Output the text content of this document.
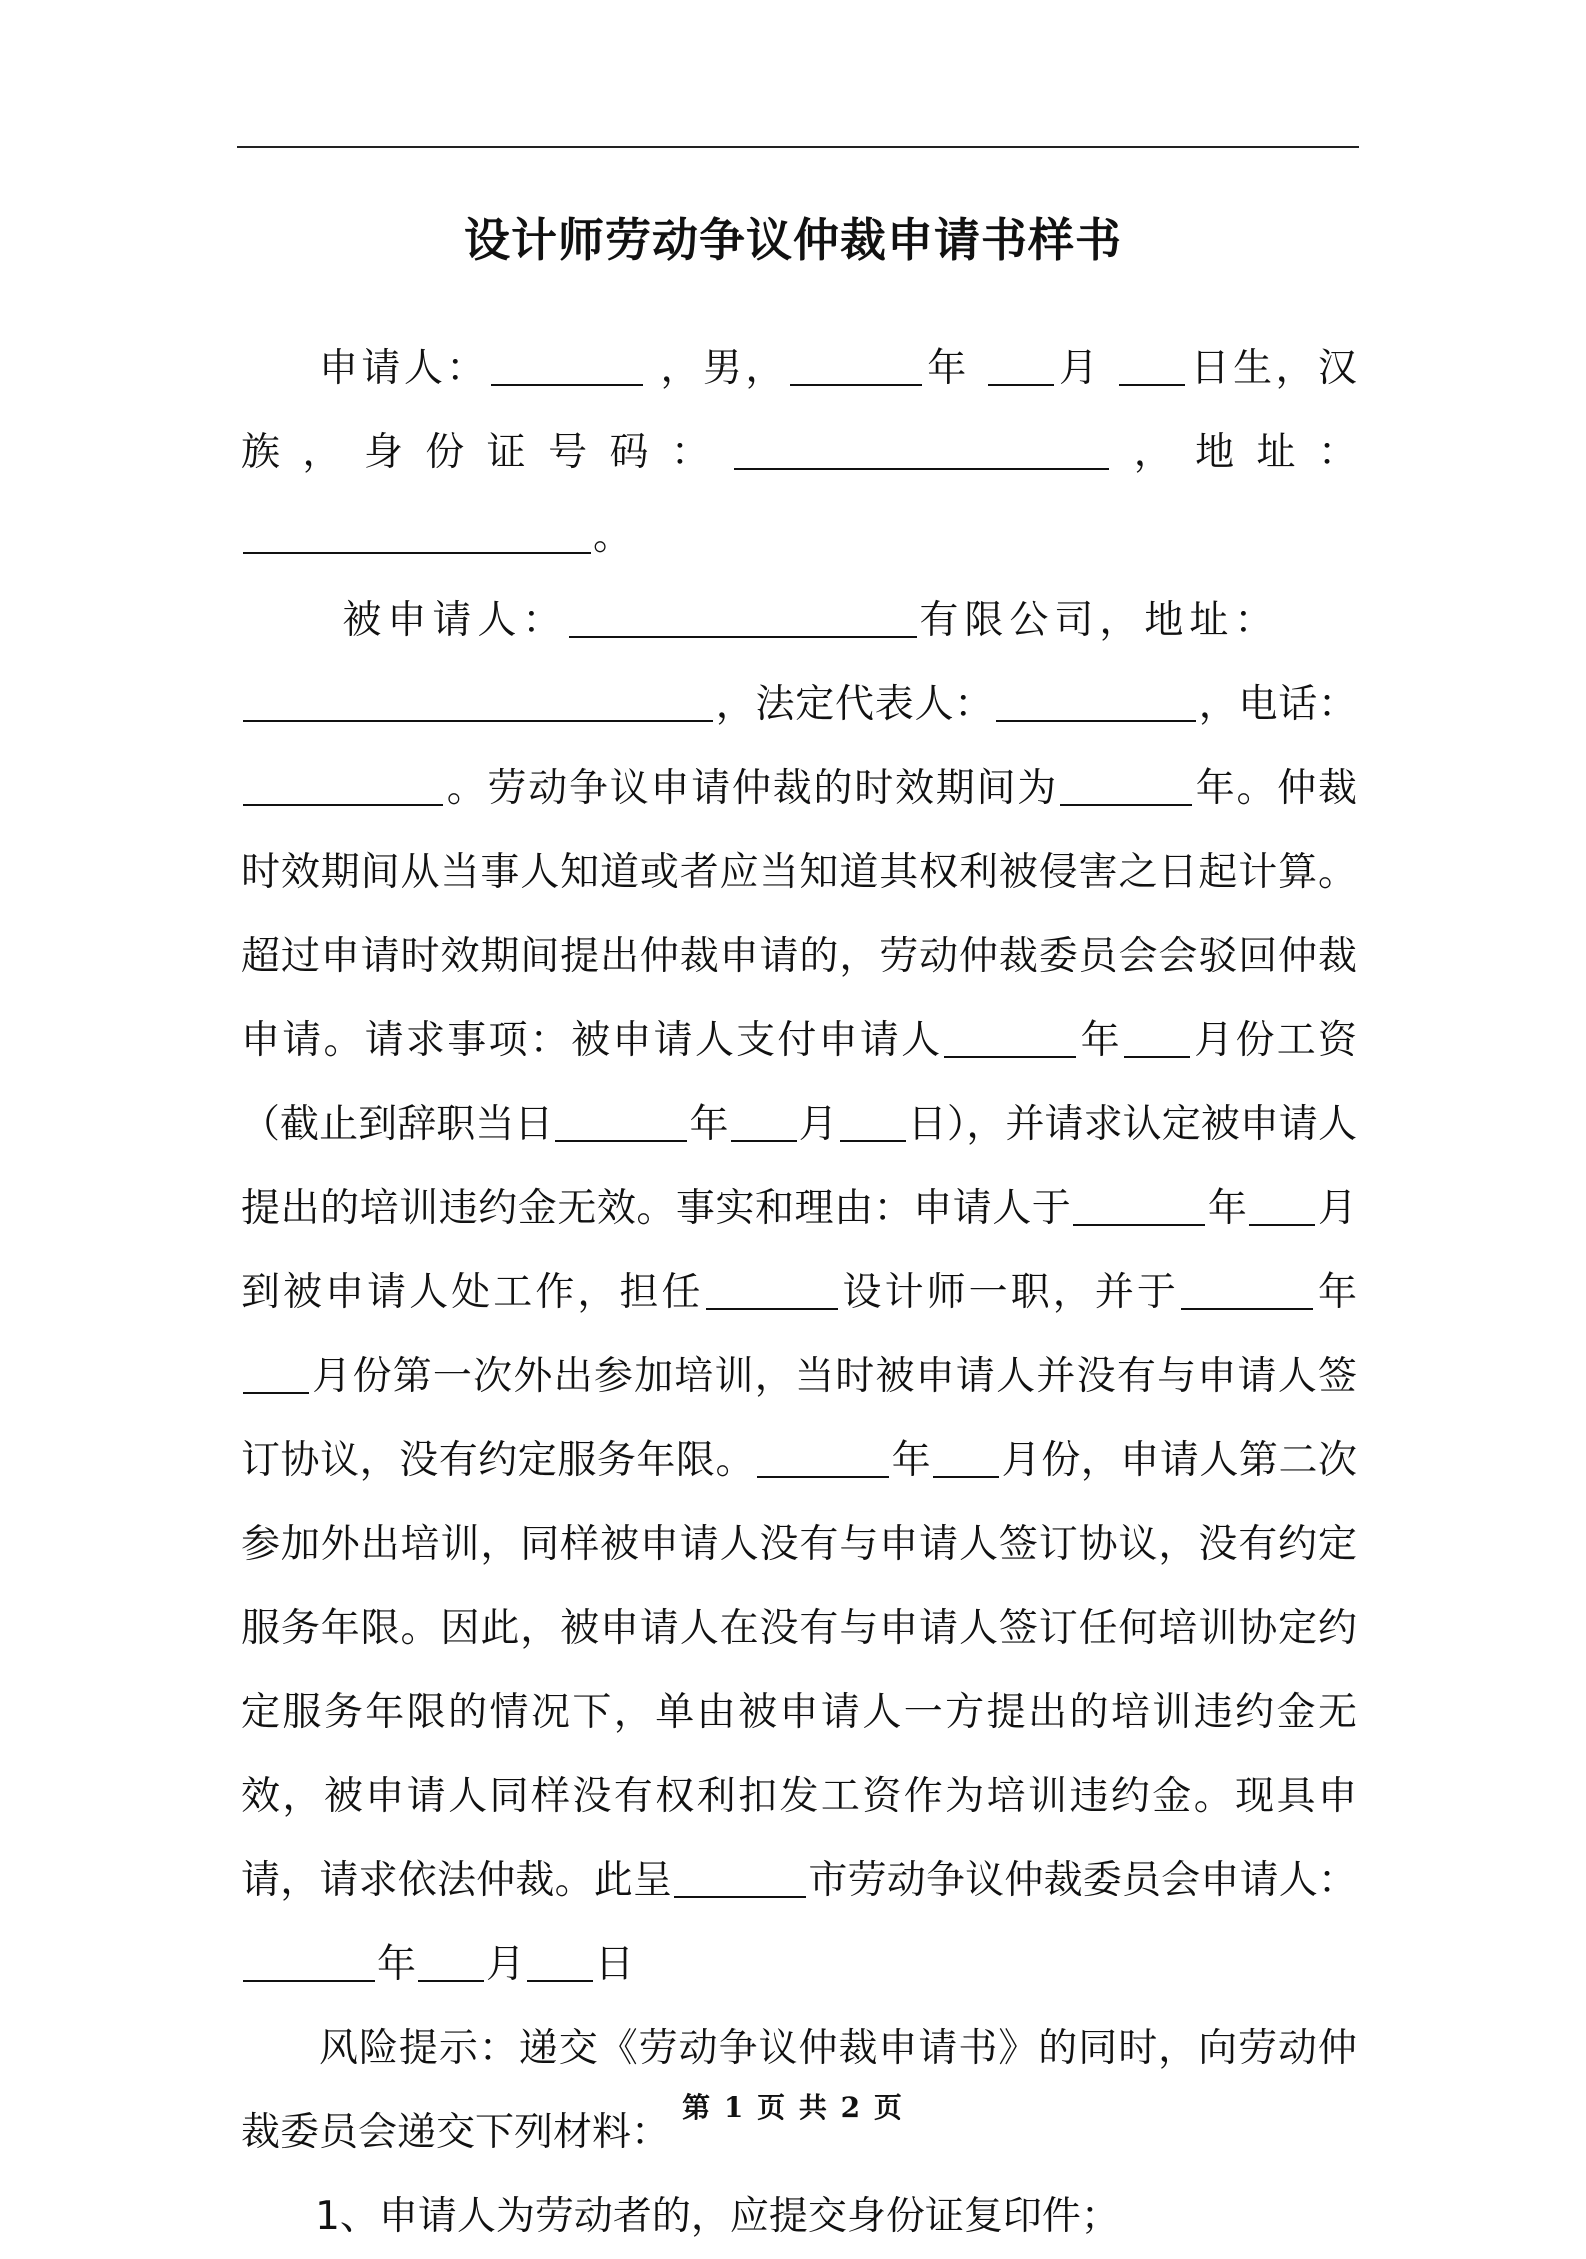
设计师劳动争议仲裁申请书样书

申请人：	，男，	年 月 日生，汉族，身份证号码：	，地址：。

被申请人：	有限公司，地址：

，法定代表人：	，电话：。劳动争议申请仲裁的时效期间为	年。仲裁时效期间从当事人知道或者应当知道其权利被侵害之日起计算。超过申请时效期间提出仲裁申请的，劳动仲裁委员会会驳回仲裁申请。请求事项：被申请人支付申请人	年 月份工资（截止到辞职当日	年 月 日），并请求认定被申请人提出的培训违约金无效。事实和理由：申请人于	年 月到被申请人处工作，担任	设计师一职，并于	年月份第一次外出参加培训，当时被申请人并没有与申请人签订协议，没有约定服务年限。	年 月份，申请人第二次参加外出培训，同样被申请人没有与申请人签订协议，没有约定服务年限。因此，被申请人在没有与申请人签订任何培训协定约定服务年限的情况下，单由被申请人一方提出的培训违约金无效，被申请人同样没有权利扣发工资作为培训违约金。现具申请，请求依法仲裁。此呈	市劳动争议仲裁委员会申请人：年 月 日

风险提示：递交《劳动争议仲裁申请书》的同时，向劳动仲裁委员会递交下列材料：

1、申请人为劳动者的，应提交身份证复印件；

第 1 页 共 2 页
